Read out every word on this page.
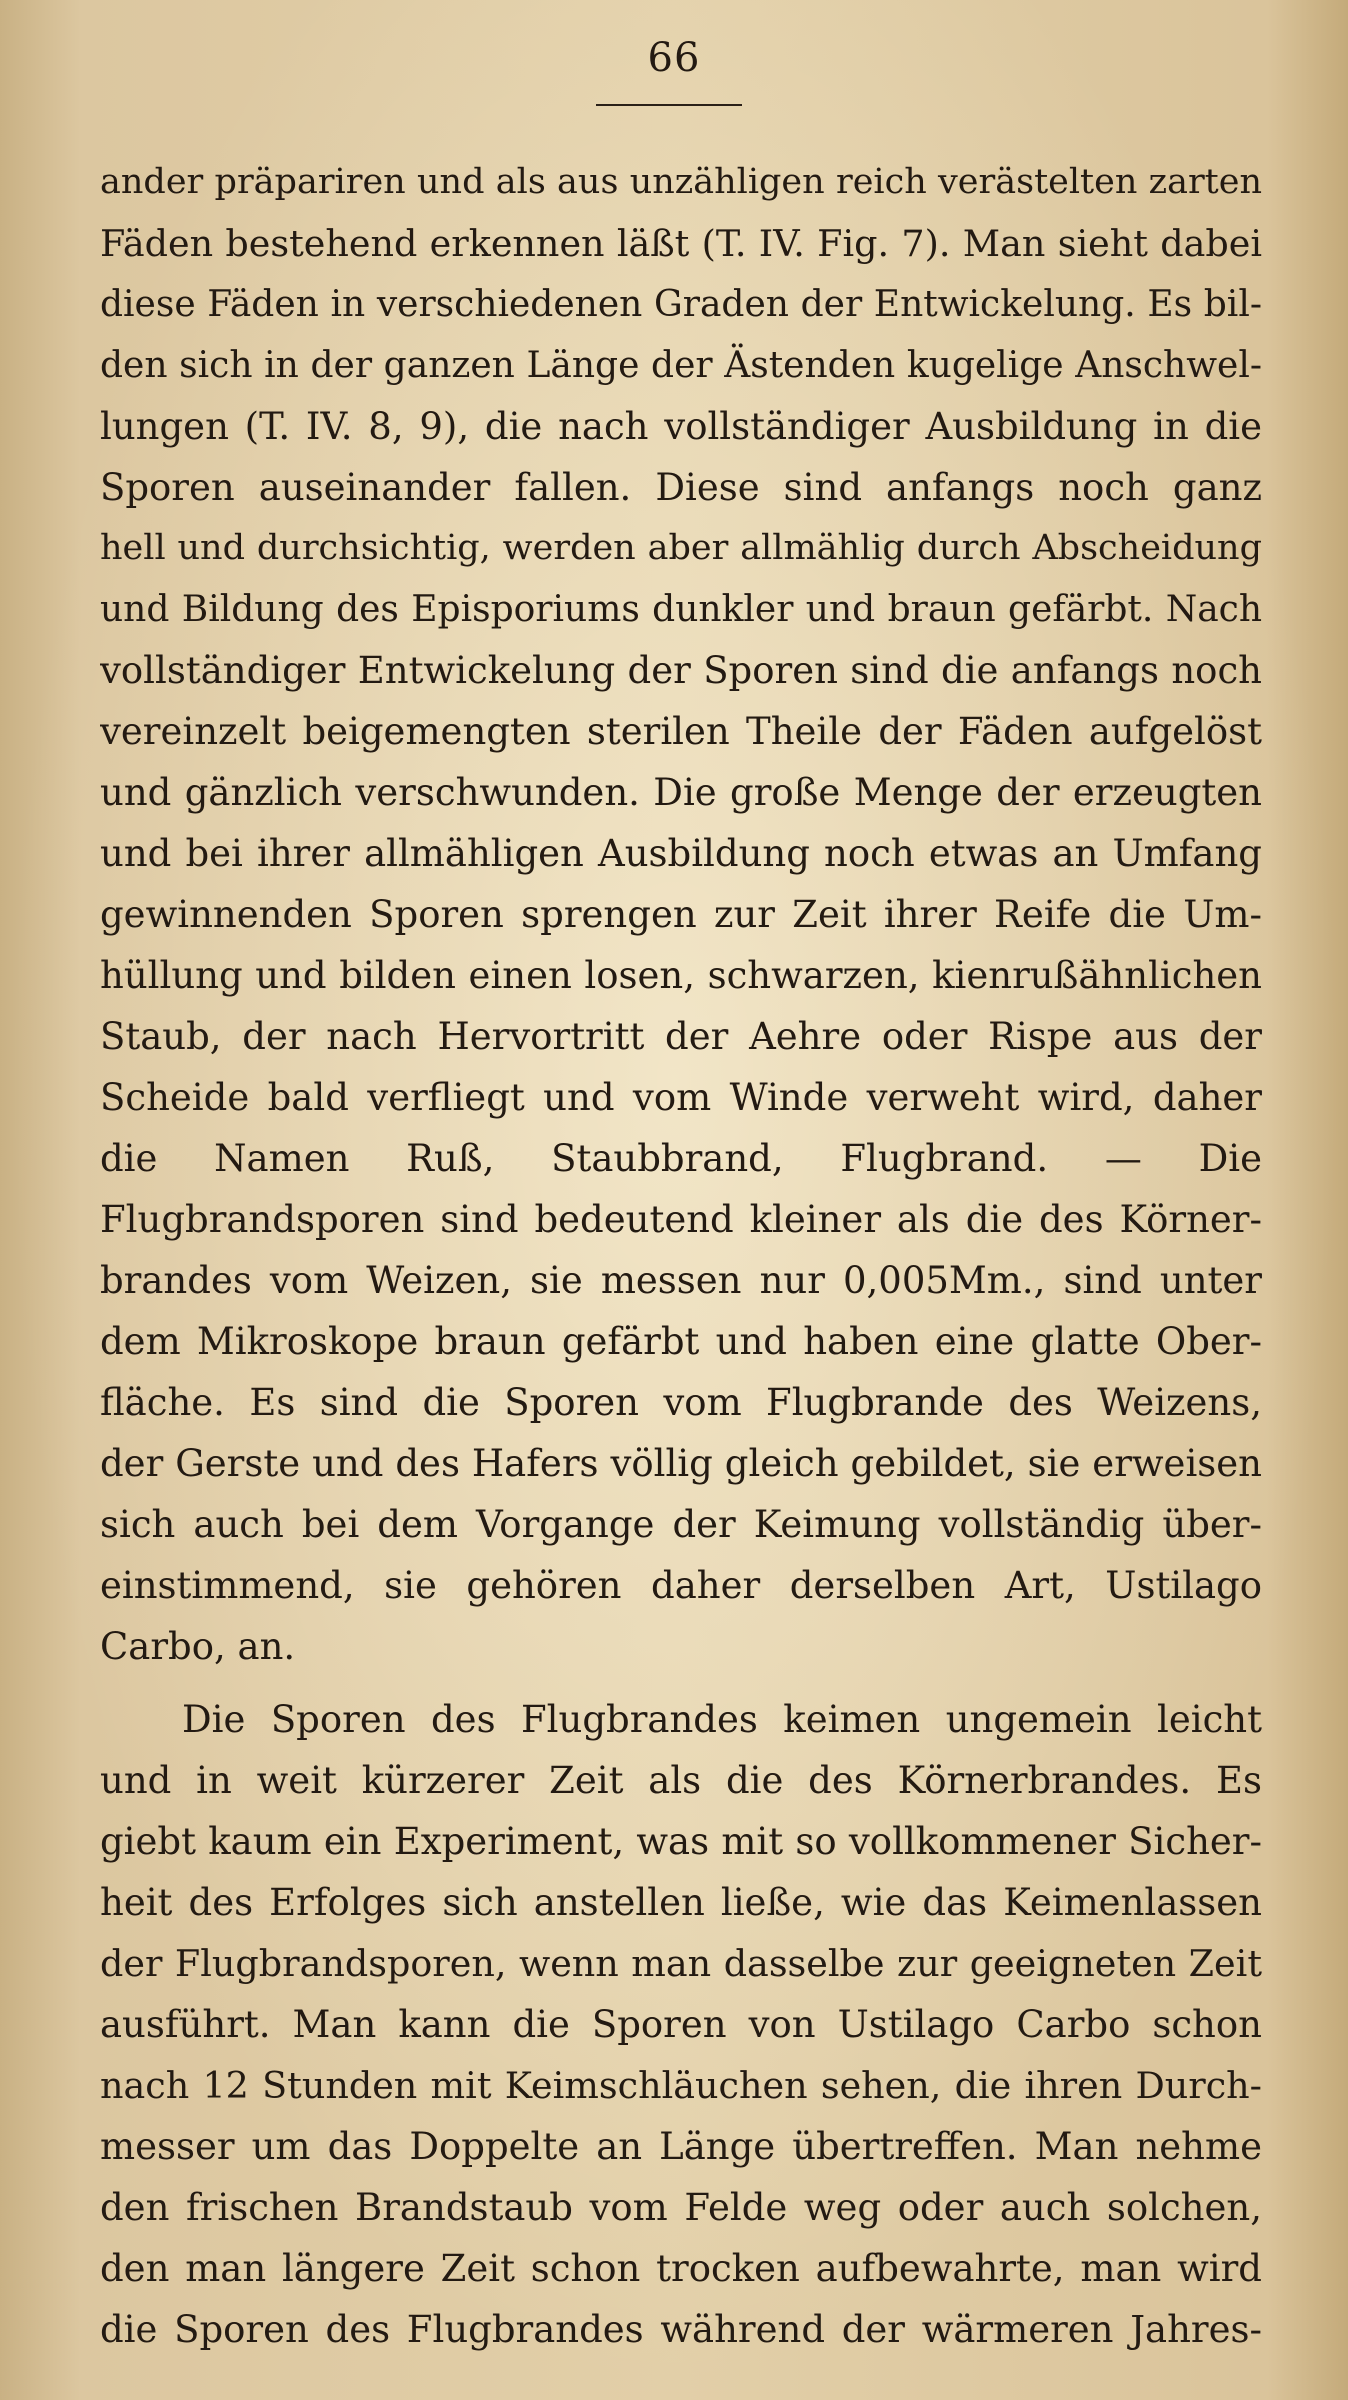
66
ander präpariren und als aus unzähligen reich verästelten zarten
Fäden bestehend erkennen läßt (T. IV. Fig. 7). Man sieht dabei
diese Fäden in verschiedenen Graden der Entwickelung. Es bil-
den sich in der ganzen Länge der Ästenden kugelige Anschwel-
lungen (T. IV. 8, 9), die nach vollständiger Ausbildung in die
Sporen auseinander fallen. Diese sind anfangs noch ganz
hell und durchsichtig, werden aber allmählig durch Abscheidung
und Bildung des Episporiums dunkler und braun gefärbt. Nach
vollständiger Entwickelung der Sporen sind die anfangs noch
vereinzelt beigemengten sterilen Theile der Fäden aufgelöst
und gänzlich verschwunden. Die große Menge der erzeugten
und bei ihrer allmähligen Ausbildung noch etwas an Umfang
gewinnenden Sporen sprengen zur Zeit ihrer Reife die Um-
hüllung und bilden einen losen, schwarzen, kienrußähnlichen
Staub, der nach Hervortritt der Aehre oder Rispe aus der
Scheide bald verfliegt und vom Winde verweht wird, daher
die Namen Ruß, Staubbrand, Flugbrand. — Die
Flugbrandsporen sind bedeutend kleiner als die des Körner-
brandes vom Weizen, sie messen nur 0,005Mm., sind unter
dem Mikroskope braun gefärbt und haben eine glatte Ober-
fläche. Es sind die Sporen vom Flugbrande des Weizens,
der Gerste und des Hafers völlig gleich gebildet, sie erweisen
sich auch bei dem Vorgange der Keimung vollständig über-
einstimmend, sie gehören daher derselben Art, Ustilago
Carbo, an.
Die Sporen des Flugbrandes keimen ungemein leicht
und in weit kürzerer Zeit als die des Körnerbrandes. Es
giebt kaum ein Experiment, was mit so vollkommener Sicher-
heit des Erfolges sich anstellen ließe, wie das Keimenlassen
der Flugbrandsporen, wenn man dasselbe zur geeigneten Zeit
ausführt. Man kann die Sporen von Ustilago Carbo schon
nach 12 Stunden mit Keimschläuchen sehen, die ihren Durch-
messer um das Doppelte an Länge übertreffen. Man nehme
den frischen Brandstaub vom Felde weg oder auch solchen,
den man längere Zeit schon trocken aufbewahrte, man wird
die Sporen des Flugbrandes während der wärmeren Jahres-
